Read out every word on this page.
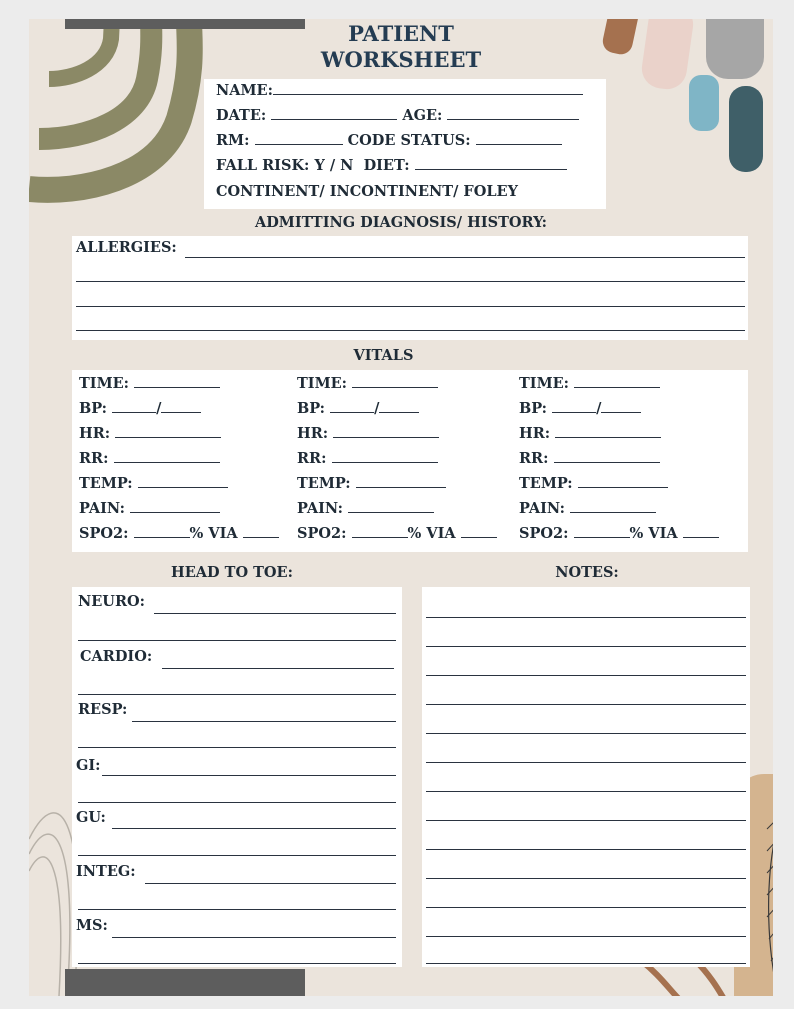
PATIENT
WORKSHEET
NAME:
DATE:	AGE:
RM:	CODE STATUS:
FALL RISK: Y / N DIET:
CONTINENT/ INCONTINENT/ FOLEY
ADMITTING DIAGNOSIS/ HISTORY:
ALLERGIES:
VITALS
TIME:
BP:	/
HR:
RR:
TEMP:
PAIN:
SPO2:	% VIA
TIME:
BP:	/
HR:
RR:
TEMP:
PAIN:
SPO2:	% VIA
TIME:
BP:	/
HR:
RR:
TEMP:
PAIN:
SPO2:	% VIA
HEAD TO TOE:
NEURO:
CARDIO:
RESP:
GI:
GU:
INTEG:
MS:
NOTES:
